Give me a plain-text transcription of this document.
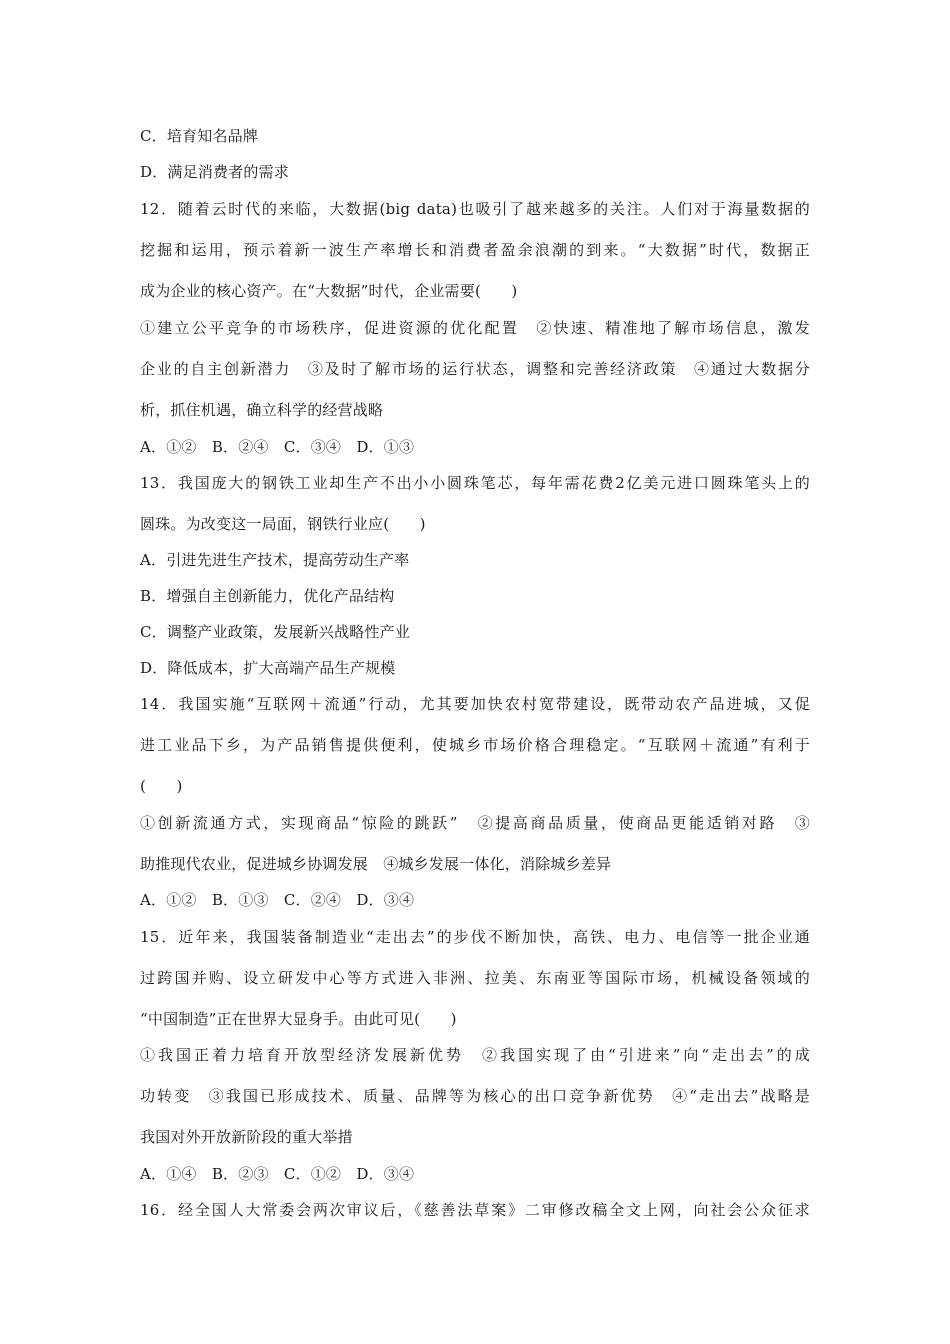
C．培育知名品牌
D．满足消费者的需求
12．随着云时代的来临，大数据(big data)也吸引了越来越多的关注。人们对于海量数据的
挖掘和运用，预示着新一波生产率增长和消费者盈余浪潮的到来。“大数据”时代，数据正
成为企业的核心资产。在“大数据”时代，企业需要(　　)
①建立公平竞争的市场秩序，促进资源的优化配置　②快速、精准地了解市场信息，激发
企业的自主创新潜力　③及时了解市场的运行状态，调整和完善经济政策　④通过大数据分
析，抓住机遇，确立科学的经营战略
A．①②　B．②④　C．③④　D．①③
13．我国庞大的钢铁工业却生产不出小小圆珠笔芯，每年需花费2亿美元进口圆珠笔头上的
圆珠。为改变这一局面，钢铁行业应(　　)
A．引进先进生产技术，提高劳动生产率
B．增强自主创新能力，优化产品结构
C．调整产业政策，发展新兴战略性产业
D．降低成本，扩大高端产品生产规模
14．我国实施“互联网＋流通”行动，尤其要加快农村宽带建设，既带动农产品进城，又促
进工业品下乡，为产品销售提供便利，使城乡市场价格合理稳定。“互联网＋流通”有利于
(　　)
①创新流通方式，实现商品“惊险的跳跃”　②提高商品质量，使商品更能适销对路　③
助推现代农业，促进城乡协调发展　④城乡发展一体化，消除城乡差异
A．①②　B．①③　C．②④　D．③④
15．近年来，我国装备制造业“走出去”的步伐不断加快，高铁、电力、电信等一批企业通
过跨国并购、设立研发中心等方式进入非洲、拉美、东南亚等国际市场，机械设备领域的
“中国制造”正在世界大显身手。由此可见(　　)
①我国正着力培育开放型经济发展新优势　②我国实现了由“引进来”向“走出去”的成
功转变　③我国已形成技术、质量、品牌等为核心的出口竞争新优势　④“走出去”战略是
我国对外开放新阶段的重大举措
A．①④　B．②③　C．①②　D．③④
16．经全国人大常委会两次审议后，《慈善法草案》二审修改稿全文上网，向社会公众征求
